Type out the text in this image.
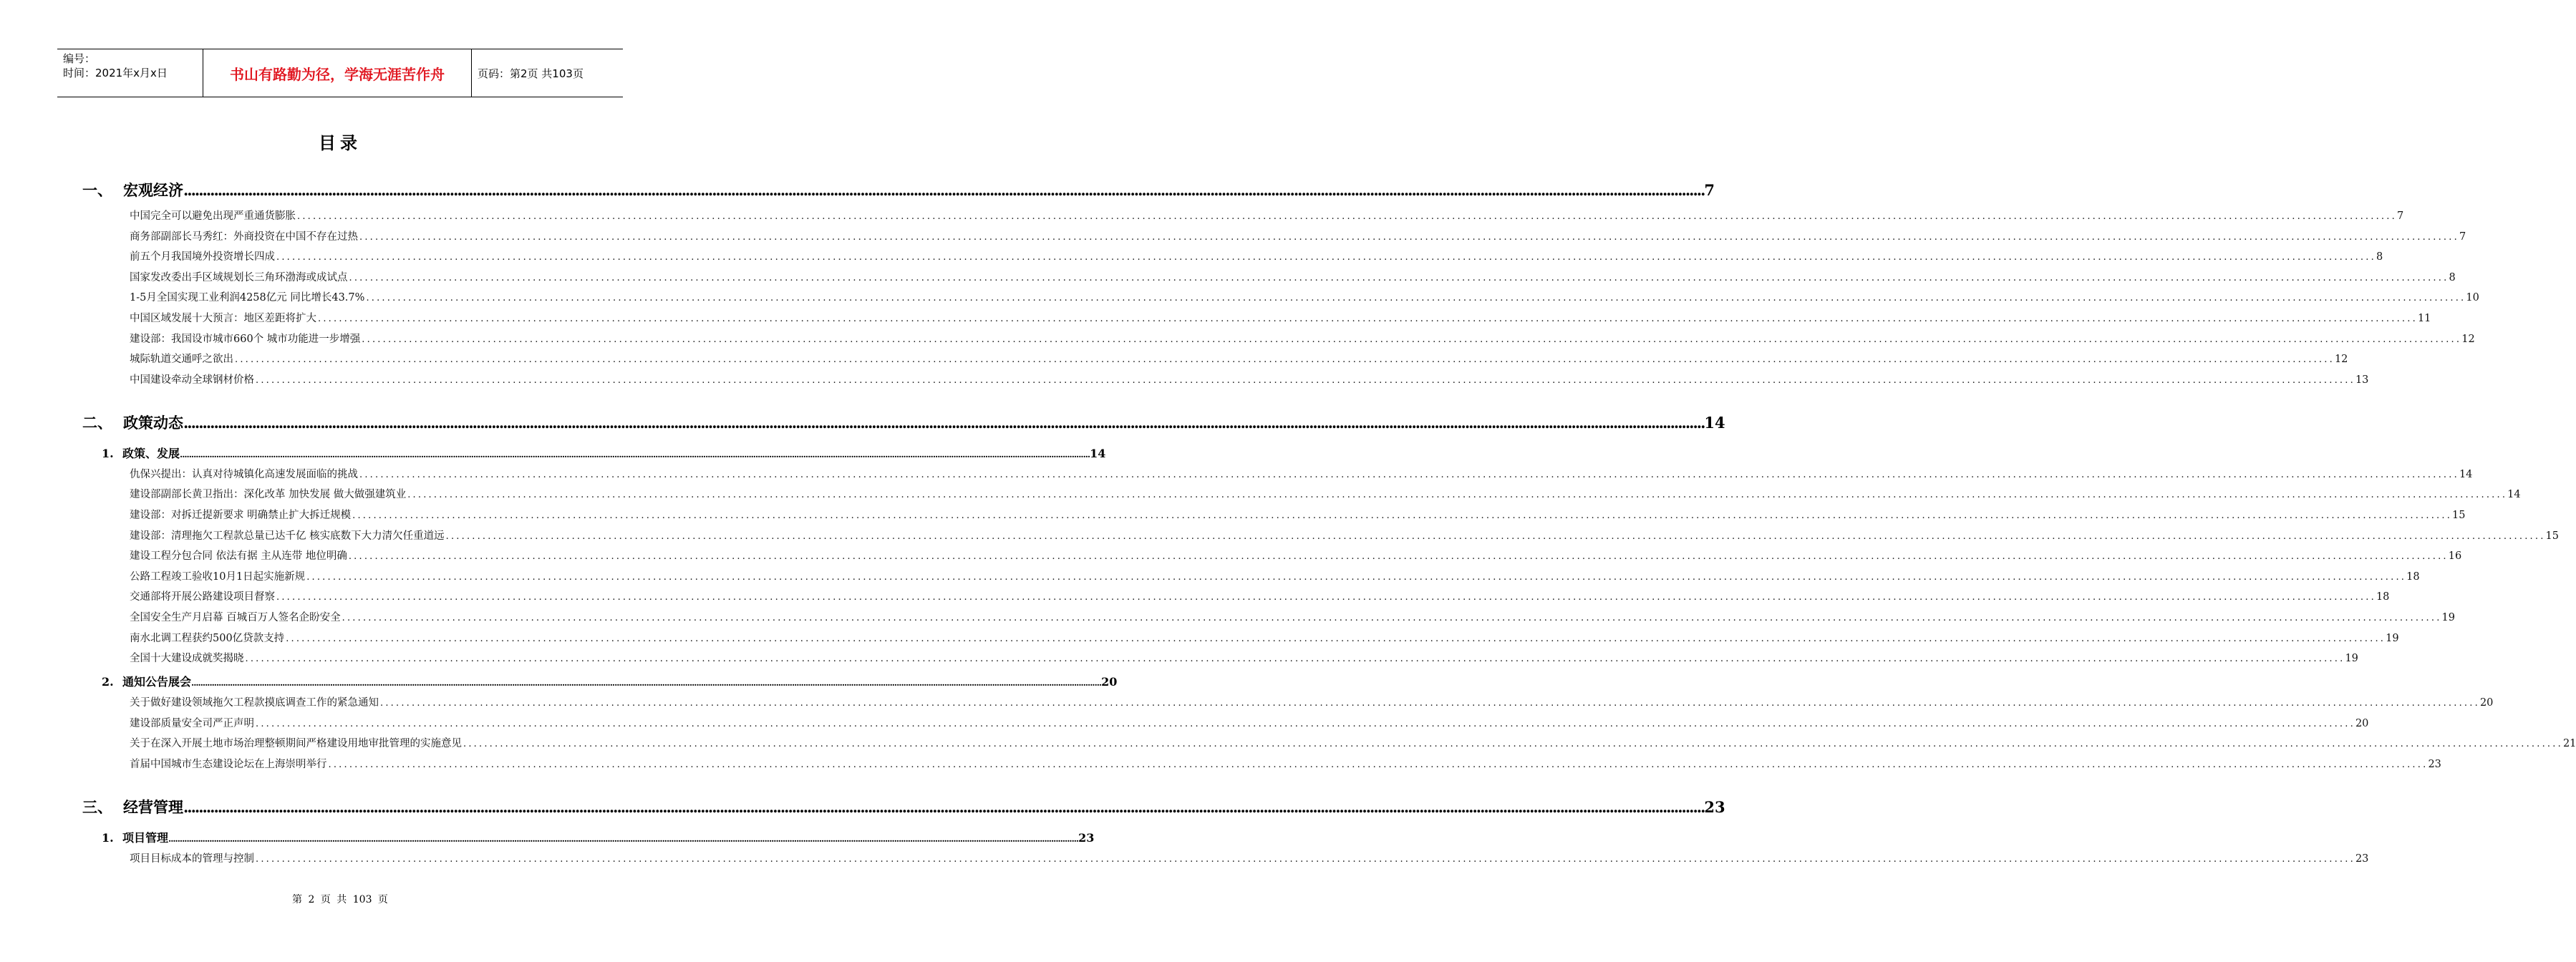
编号：
时间：2021年x月x日	书山有路勤为径，学海无涯苦作舟	页码：第2页 共103页
目录
一、 宏观经济 ................................................................................................................................................................................................................................................................................................................................................................................................................ 7
中国完全可以避免出现严重通货膨胀 ................................................................................................................................................................................................................................................................................................................................................................................................................ 7
商务部副部长马秀红：外商投资在中国不存在过热 ................................................................................................................................................................................................................................................................................................................................................................................................................ 7
前五个月我国境外投资增长四成 ................................................................................................................................................................................................................................................................................................................................................................................................................ 8
国家发改委出手区域规划长三角环渤海或成试点 ................................................................................................................................................................................................................................................................................................................................................................................................................ 8
1-5月全国实现工业利润4258亿元 同比增长43.7% ................................................................................................................................................................................................................................................................................................................................................................................................................ 10
中国区域发展十大预言：地区差距将扩大 ................................................................................................................................................................................................................................................................................................................................................................................................................ 11
建设部：我国设市城市660个 城市功能进一步增强 ................................................................................................................................................................................................................................................................................................................................................................................................................ 12
城际轨道交通呼之欲出 ................................................................................................................................................................................................................................................................................................................................................................................................................ 12
中国建设牵动全球钢材价格 ................................................................................................................................................................................................................................................................................................................................................................................................................ 13
二、 政策动态 ................................................................................................................................................................................................................................................................................................................................................................................................................ 14
1. 政策、发展 ................................................................................................................................................................................................................................................................................................................................................................................................................ 14
仇保兴提出：认真对待城镇化高速发展面临的挑战 ................................................................................................................................................................................................................................................................................................................................................................................................................ 14
建设部副部长黄卫指出：深化改革 加快发展 做大做强建筑业 ................................................................................................................................................................................................................................................................................................................................................................................................................ 14
建设部：对拆迁提新要求 明确禁止扩大拆迁规模 ................................................................................................................................................................................................................................................................................................................................................................................................................ 15
建设部：清理拖欠工程款总量已达千亿 核实底数下大力清欠任重道远 ................................................................................................................................................................................................................................................................................................................................................................................................................ 15
建设工程分包合同 依法有据 主从连带 地位明确 ................................................................................................................................................................................................................................................................................................................................................................................................................ 16
公路工程竣工验收10月1日起实施新规 ................................................................................................................................................................................................................................................................................................................................................................................................................ 18
交通部将开展公路建设项目督察 ................................................................................................................................................................................................................................................................................................................................................................................................................ 18
全国安全生产月启幕 百城百万人签名企盼安全 ................................................................................................................................................................................................................................................................................................................................................................................................................ 19
南水北调工程获约500亿贷款支持 ................................................................................................................................................................................................................................................................................................................................................................................................................ 19
全国十大建设成就奖揭晓 ................................................................................................................................................................................................................................................................................................................................................................................................................ 19
2. 通知公告展会 ................................................................................................................................................................................................................................................................................................................................................................................................................ 20
关于做好建设领域拖欠工程款摸底调查工作的紧急通知 ................................................................................................................................................................................................................................................................................................................................................................................................................ 20
建设部质量安全司严正声明 ................................................................................................................................................................................................................................................................................................................................................................................................................ 20
关于在深入开展土地市场治理整顿期间严格建设用地审批管理的实施意见 ................................................................................................................................................................................................................................................................................................................................................................................................................ 21
首届中国城市生态建设论坛在上海崇明举行 ................................................................................................................................................................................................................................................................................................................................................................................................................ 23
三、 经营管理 ................................................................................................................................................................................................................................................................................................................................................................................................................ 23
1. 项目管理 ................................................................................................................................................................................................................................................................................................................................................................................................................ 23
项目目标成本的管理与控制 ................................................................................................................................................................................................................................................................................................................................................................................................................ 23
第 2 页 共 103 页
